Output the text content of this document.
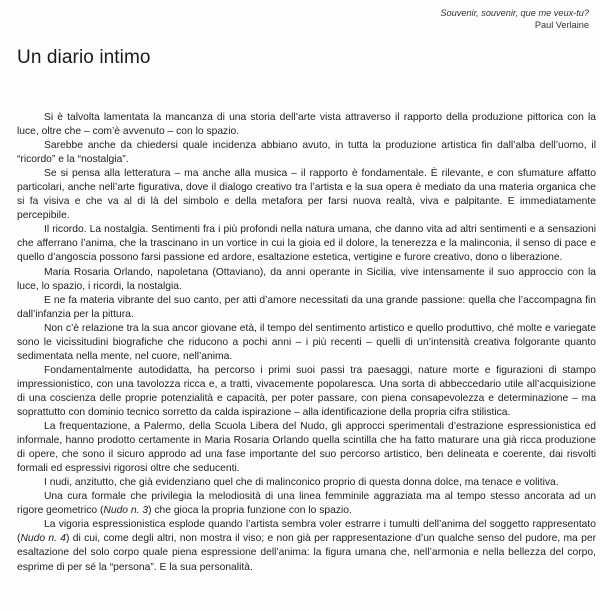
Souvenir, souvenir, que me veux-tu?
Paul Verlaine
Un diario intimo

Si è talvolta lamentata la mancanza di una storia dell’arte vista attraverso il rapporto della produzione pittorica con la luce, oltre che – com’è avvenuto – con lo spazio.

Sarebbe anche da chiedersi quale incidenza abbiano avuto, in tutta la produzione artistica fin dall’alba dell’uomo, il “ricordo” e la “nostalgia”.

Se si pensa alla letteratura – ma anche alla musica – il rapporto è fondamentale. È rilevante, e con sfumature affatto particolari, anche nell’arte figurativa, dove il dialogo creativo tra l’artista e la sua opera è mediato da una materia organica che si fa visiva e che va al di là del simbolo e della metafora per farsi nuova realtà, viva e palpitante. E immediatamente percepibile.

Il ricordo. La nostalgia. Sentimenti fra i più profondi nella natura umana, che danno vita ad altri sentimenti e a sensazioni che afferrano l’anima, che la trascinano in un vortice in cui la gioia ed il dolore, la tenerezza e la malinconia, il senso di pace e quello d’angoscia possono farsi passione ed ardore, esaltazione estetica, vertigine e furore creativo, dono o liberazione.

Maria Rosaria Orlando, napoletana (Ottaviano), da anni operante in Sicilia, vive intensamente il suo approccio con la luce, lo spazio, i ricordi, la nostalgia.

E ne fa materia vibrante del suo canto, per atti d’amore necessitati da una grande passione: quella che l’accompagna fin dall’infanzia per la pittura.

Non c’è relazione tra la sua ancor giovane età, il tempo del sentimento artistico e quello produttivo, ché molte e variegate sono le vicissitudini biografiche che riducono a pochi anni – i più recenti – quelli di un’intensità creativa folgorante quanto sedimentata nella mente, nel cuore, nell’anima.

Fondamentalmente autodidatta, ha percorso i primi suoi passi tra paesaggi, nature morte e figurazioni di stampo impressionistico, con una tavolozza ricca e, a tratti, vivacemente popolaresca. Una sorta di abbeccedario utile all’acquisizione di una coscienza delle proprie potenzialità e capacità, per poter passare, con piena consapevolezza e determinazione – ma soprattutto con dominio tecnico sorretto da calda ispirazione – alla identificazione della propria cifra stilistica.

La frequentazione, a Palermo, della Scuola Libera del Nudo, gli approcci sperimentali d’estrazione espressionistica ed informale, hanno prodotto certamente in Maria Rosaria Orlando quella scintilla che ha fatto maturare una già ricca produzione di opere, che sono il sicuro approdo ad una fase importante del suo percorso artistico, ben delineata e coerente, dai risvolti formali ed espressivi rigorosi oltre che seducenti.

I nudi, anzitutto, che già evidenziano quel che di malinconico proprio di questa donna dolce, ma tenace e volitiva.

Una cura formale che privilegia la melodiosità di una linea femminile aggraziata ma al tempo stesso ancorata ad un rigore geometrico (Nudo n. 3) che gioca la propria funzione con lo spazio.

La vigoria espressionistica esplode quando l’artista sembra voler estrarre i tumulti dell’anima del soggetto rappresentato (Nudo n. 4) di cui, come degli altri, non mostra il viso; e non già per rappresentazione d’un qualche senso del pudore, ma per esaltazione del solo corpo quale piena espressione dell’anima: la figura umana che, nell’armonia e nella bellezza del corpo, esprime di per sé la “persona”. E la sua personalità.
